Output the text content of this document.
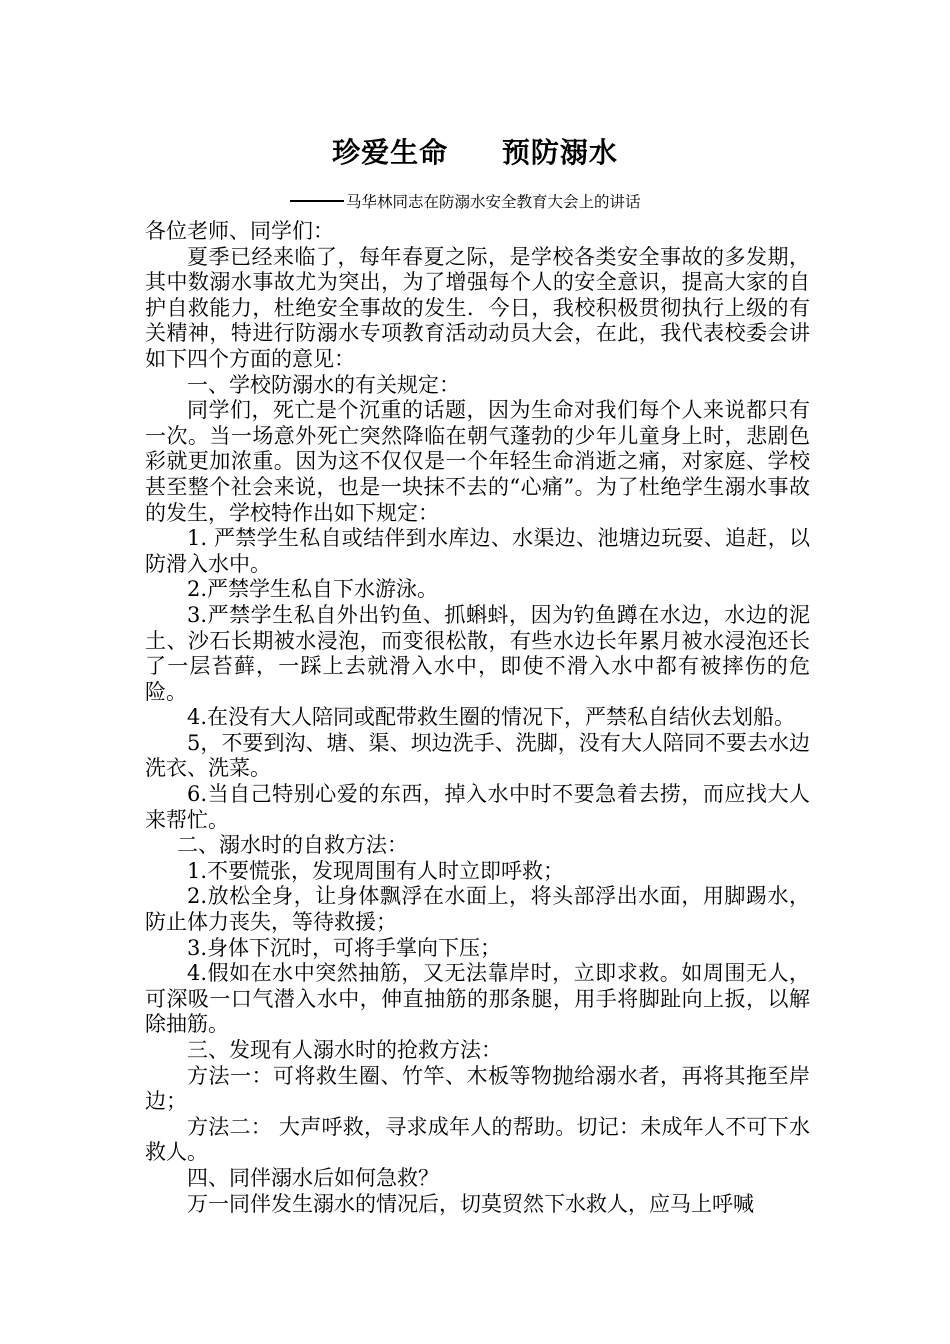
珍爱生命     预防溺水
马华林同志在防溺水安全教育大会上的讲话

各位老师、同学们：

夏季已经来临了，每年春夏之际，是学校各类安全事故的多发期，其中数溺水事故尤为突出，为了增强每个人的安全意识，提高大家的自护自救能力，杜绝安全事故的发生．今日，我校积极贯彻执行上级的有关精神，特进行防溺水专项教育活动动员大会，在此，我代表校委会讲如下四个方面的意见：

一、学校防溺水的有关规定：

同学们，死亡是个沉重的话题，因为生命对我们每个人来说都只有一次。当一场意外死亡突然降临在朝气蓬勃的少年儿童身上时，悲剧色彩就更加浓重。因为这不仅仅是一个年轻生命消逝之痛，对家庭、学校甚至整个社会来说，也是一块抹不去的“心痛”。为了杜绝学生溺水事故的发生，学校特作出如下规定：

1. 严禁学生私自或结伴到水库边、水渠边、池塘边玩耍、追赶，以防滑入水中。

2.严禁学生私自下水游泳。

3.严禁学生私自外出钓鱼、抓蝌蚪，因为钓鱼蹲在水边，水边的泥土、沙石长期被水浸泡，而变很松散，有些水边长年累月被水浸泡还长了一层苔藓，一踩上去就滑入水中，即使不滑入水中都有被摔伤的危险。

4.在没有大人陪同或配带救生圈的情况下，严禁私自结伙去划船。

5，不要到沟、塘、渠、坝边洗手、洗脚，没有大人陪同不要去水边洗衣、洗菜。

6.当自己特别心爱的东西，掉入水中时不要急着去捞，而应找大人来帮忙。

二、溺水时的自救方法：

1.不要慌张，发现周围有人时立即呼救；

2.放松全身，让身体飘浮在水面上，将头部浮出水面，用脚踢水，防止体力丧失，等待救援；

3.身体下沉时，可将手掌向下压；

4.假如在水中突然抽筋，又无法靠岸时，立即求救。如周围无人，可深吸一口气潜入水中，伸直抽筋的那条腿，用手将脚趾向上扳，以解除抽筋。

三、发现有人溺水时的抢救方法：

方法一：可将救生圈、竹竿、木板等物抛给溺水者，再将其拖至岸边；

方法二： 大声呼救，寻求成年人的帮助。切记：未成年人不可下水救人。

四、同伴溺水后如何急救？

万一同伴发生溺水的情况后，切莫贸然下水救人，应马上呼喊
